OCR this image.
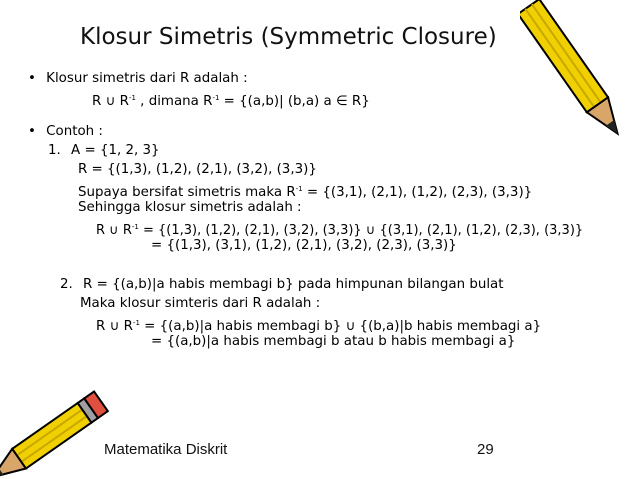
Klosur Simetris (Symmetric Closure)
• Klosur simetris dari R adalah :
R ∪ $R^{-1}$ , dimana $R^{-1} = \{(a,b)|$ (b,a) a ∈ R}
• Contoh :
1. A = {1, 2, 3}
R = {(1,3), (1,2), (2,1), (3,2), (3,3)}
Supaya bersifat simetris maka $R^{-1} = \{(3,1)$, (2,1), (1,2), (2,3), (3,3)}
Sehingga klosur simetris adalah :
R ∪ $R^{-1} = \{(1,3)$, (1,2), (2,1), (3,2), (3,3)} ∪ {(3,1), (2,1), (1,2), (2,3), (3,3)}
= {(1,3), (3,1), (1,2), (2,1), (3,2), (2,3), (3,3)}
2. R = {(a,b)|a habis membagi b} pada himpunan bilangan bulat
Maka klosur simteris dari R adalah :
R ∪ $R^{-1} = \{(a,b)|a$ habis membagi b} ∪ {(b,a)|b habis membagi a}
= {(a,b)|a habis membagi b atau b habis membagi a}
Matematika Diskrit	29
